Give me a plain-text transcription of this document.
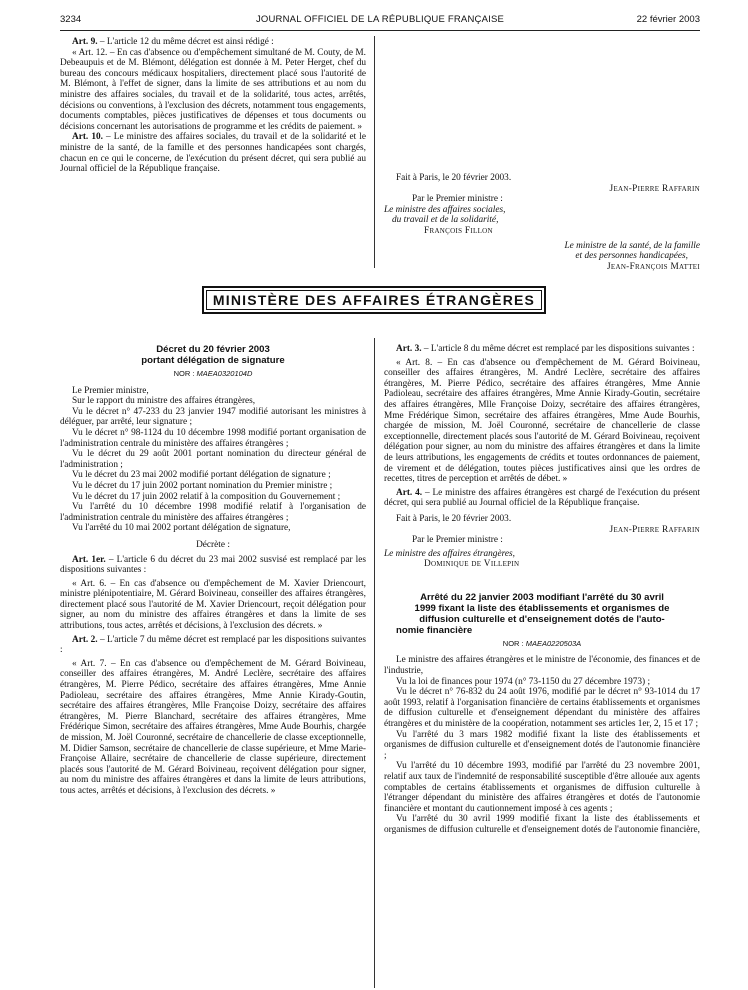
3234	JOURNAL OFFICIEL DE LA RÉPUBLIQUE FRANÇAISE	22 février 2003

Art. 9. – L'article 12 du même décret est ainsi rédigé :

« Art. 12. – En cas d'absence ou d'empêchement simultané de M. Couty, de M. Debeaupuis et de M. Blémont, délégation est donnée à M. Peter Herget, chef du bureau des concours médicaux hospitaliers, directement placé sous l'autorité de M. Blémont, à l'effet de signer, dans la limite de ses attributions et au nom du ministre des affaires sociales, du travail et de la solidarité, tous actes, arrêtés, décisions ou conventions, à l'exclusion des décrets, notamment tous engagements, documents comptables, pièces justificatives de dépenses et tous documents ou décisions concernant les autorisations de programme et les crédits de paiement. »

Art. 10. – Le ministre des affaires sociales, du travail et de la solidarité et le ministre de la santé, de la famille et des personnes handicapées sont chargés, chacun en ce qui le concerne, de l'exécution du présent décret, qui sera publié au Journal officiel de la République française.

Fait à Paris, le 20 février 2003.

Jean-Pierre Raffarin

Par le Premier ministre :

Le ministre des affaires sociales,

du travail et de la solidarité,

François Fillon

Le ministre de la santé, de la famille

et des personnes handicapées,

Jean-François Mattei

MINISTÈRE DES AFFAIRES ÉTRANGÈRES
Décret du 20 février 2003
portant délégation de signature
NOR : MAEA0320104D

Le Premier ministre,

Sur le rapport du ministre des affaires étrangères,

Vu le décret n° 47-233 du 23 janvier 1947 modifié autorisant les ministres à déléguer, par arrêté, leur signature ;

Vu le décret n° 98-1124 du 10 décembre 1998 modifié portant organisation de l'administration centrale du ministère des affaires étrangères ;

Vu le décret du 29 août 2001 portant nomination du directeur général de l'administration ;

Vu le décret du 23 mai 2002 modifié portant délégation de signature ;

Vu le décret du 17 juin 2002 portant nomination du Premier ministre ;

Vu le décret du 17 juin 2002 relatif à la composition du Gouvernement ;

Vu l'arrêté du 10 décembre 1998 modifié relatif à l'organisation de l'administration centrale du ministère des affaires étrangères ;

Vu l'arrêté du 10 mai 2002 portant délégation de signature,

Décrète :

Art. 1er. – L'article 6 du décret du 23 mai 2002 susvisé est remplacé par les dispositions suivantes :

« Art. 6. – En cas d'absence ou d'empêchement de M. Xavier Driencourt, ministre plénipotentiaire, M. Gérard Boivineau, conseiller des affaires étrangères, directement placé sous l'autorité de M. Xavier Driencourt, reçoit délégation pour signer, au nom du ministre des affaires étrangères et dans la limite de ses attributions, tous actes, arrêtés et décisions, à l'exclusion des décrets. »

Art. 2. – L'article 7 du même décret est remplacé par les dispositions suivantes :

« Art. 7. – En cas d'absence ou d'empêchement de M. Gérard Boivineau, conseiller des affaires étrangères, M. André Leclère, secrétaire des affaires étrangères, M. Pierre Pédico, secrétaire des affaires étrangères, Mme Annie Padioleau, secrétaire des affaires étrangères, Mme Annie Kirady-Goutin, secrétaire des affaires étrangères, Mlle Françoise Doizy, secrétaire des affaires étrangères, M. Pierre Blanchard, secrétaire des affaires étrangères, Mme Frédérique Simon, secrétaire des affaires étrangères, Mme Aude Bourhis, chargée de mission, M. Joël Couronné, secrétaire de chancellerie de classe exceptionnelle, M. Didier Samson, secrétaire de chancellerie de classe supérieure, et Mme Marie-Françoise Allaire, secrétaire de chancellerie de classe supérieure, directement placés sous l'autorité de M. Gérard Boivineau, reçoivent délégation pour signer, au nom du ministre des affaires étrangères et dans la limite de leurs attributions, tous actes, arrêtés et décisions, à l'exclusion des décrets. »

Art. 3. – L'article 8 du même décret est remplacé par les dispositions suivantes :

« Art. 8. – En cas d'absence ou d'empêchement de M. Gérard Boivineau, conseiller des affaires étrangères, M. André Leclère, secrétaire des affaires étrangères, M. Pierre Pédico, secrétaire des affaires étrangères, Mme Annie Padioleau, secrétaire des affaires étrangères, Mme Annie Kirady-Goutin, secrétaire des affaires étrangères, Mlle Françoise Doizy, secrétaire des affaires étrangères, Mme Frédérique Simon, secrétaire des affaires étrangères, Mme Aude Bourhis, chargée de mission, M. Joël Couronné, secrétaire de chancellerie de classe exceptionnelle, directement placés sous l'autorité de M. Gérard Boivineau, reçoivent délégation pour signer, au nom du ministre des affaires étrangères et dans la limite de leurs attributions, les engagements de crédits et toutes ordonnances de paiement, de virement et de délégation, toutes pièces justificatives ainsi que les ordres de recettes, titres de perception et arrêtés de débet. »

Art. 4. – Le ministre des affaires étrangères est chargé de l'exécution du présent décret, qui sera publié au Journal officiel de la République française.

Fait à Paris, le 20 février 2003.

Jean-Pierre Raffarin

Par le Premier ministre :

Le ministre des affaires étrangères,

Dominique de Villepin

Arrêté du 22 janvier 2003 modifiant l'arrêté du 30 avril
1999 fixant la liste des établissements et organismes de
diffusion culturelle et d'enseignement dotés de l'auto-
nomie financière
NOR : MAEA0220503A

Le ministre des affaires étrangères et le ministre de l'économie, des finances et de l'industrie,

Vu la loi de finances pour 1974 (n° 73-1150 du 27 décembre 1973) ;

Vu le décret n° 76-832 du 24 août 1976, modifié par le décret n° 93-1014 du 17 août 1993, relatif à l'organisation financière de certains établissements et organismes de diffusion culturelle et d'enseignement dépendant du ministère des affaires étrangères et du ministère de la coopération, notamment ses articles 1er, 2, 15 et 17 ;

Vu l'arrêté du 3 mars 1982 modifié fixant la liste des établissements et organismes de diffusion culturelle et d'enseignement dotés de l'autonomie financière ;

Vu l'arrêté du 10 décembre 1993, modifié par l'arrêté du 23 novembre 2001, relatif aux taux de l'indemnité de responsabilité susceptible d'être allouée aux agents comptables de certains établissements et organismes de diffusion culturelle à l'étranger dépendant du ministère des affaires étrangères et dotés de l'autonomie financière et montant du cautionnement imposé à ces agents ;

Vu l'arrêté du 30 avril 1999 modifié fixant la liste des établissements et organismes de diffusion culturelle et d'enseignement dotés de l'autonomie financière,
